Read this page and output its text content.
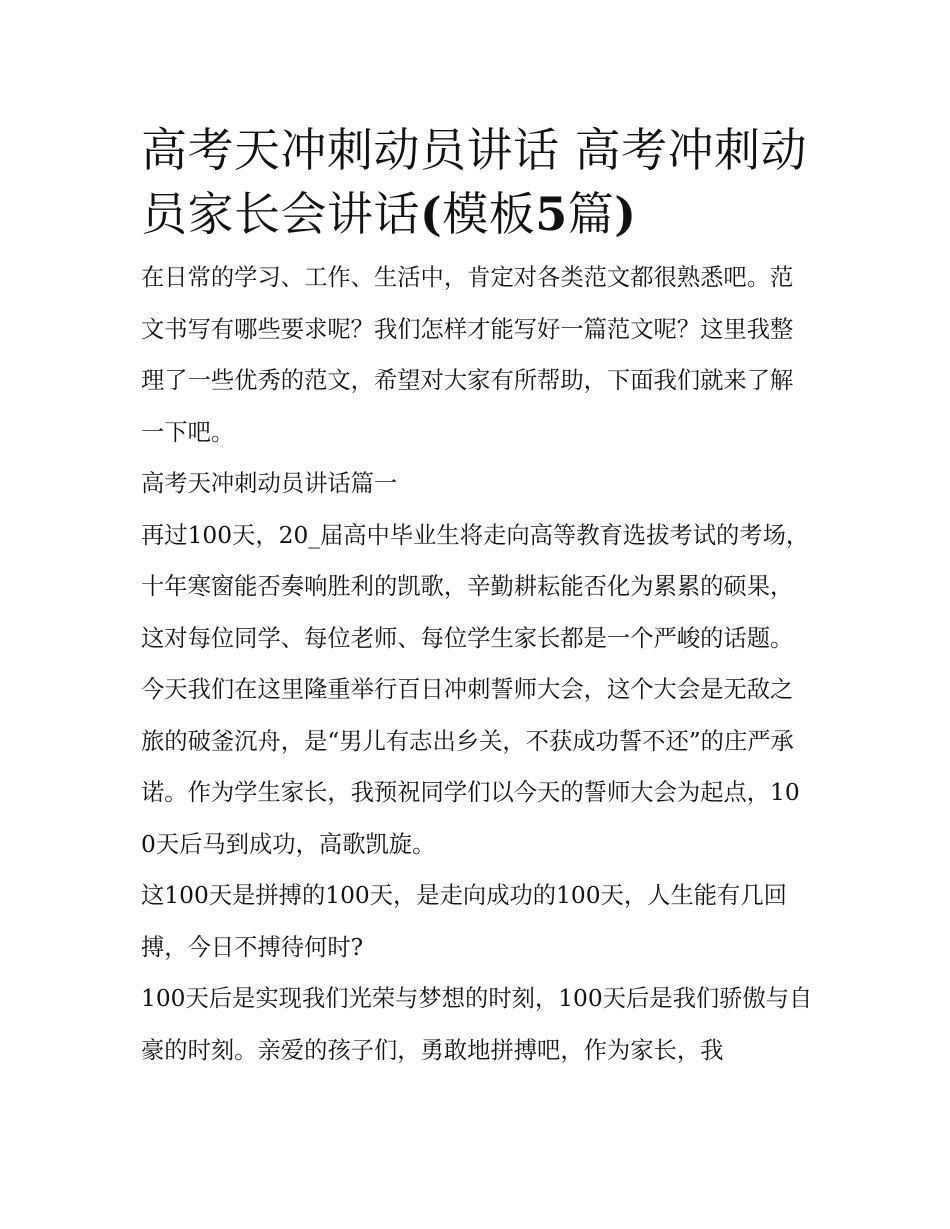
高考天冲刺动员讲话 高考冲刺动员家长会讲话(模板5篇)

在日常的学习、工作、生活中，肯定对各类范文都很熟悉吧。范文书写有哪些要求呢？我们怎样才能写好一篇范文呢？这里我整理了一些优秀的范文，希望对大家有所帮助，下面我们就来了解一下吧。

高考天冲刺动员讲话篇一

再过100天，20_届高中毕业生将走向高等教育选拔考试的考场，十年寒窗能否奏响胜利的凯歌，辛勤耕耘能否化为累累的硕果，这对每位同学、每位老师、每位学生家长都是一个严峻的话题。今天我们在这里隆重举行百日冲刺誓师大会，这个大会是无敌之旅的破釜沉舟，是“男儿有志出乡关，不获成功誓不还”的庄严承诺。作为学生家长，我预祝同学们以今天的誓师大会为起点，100天后马到成功，高歌凯旋。

这100天是拼搏的100天，是走向成功的100天，人生能有几回搏，今日不搏待何时?

100天后是实现我们光荣与梦想的时刻，100天后是我们骄傲与自豪的时刻。亲爱的孩子们，勇敢地拼搏吧，作为家长，我
